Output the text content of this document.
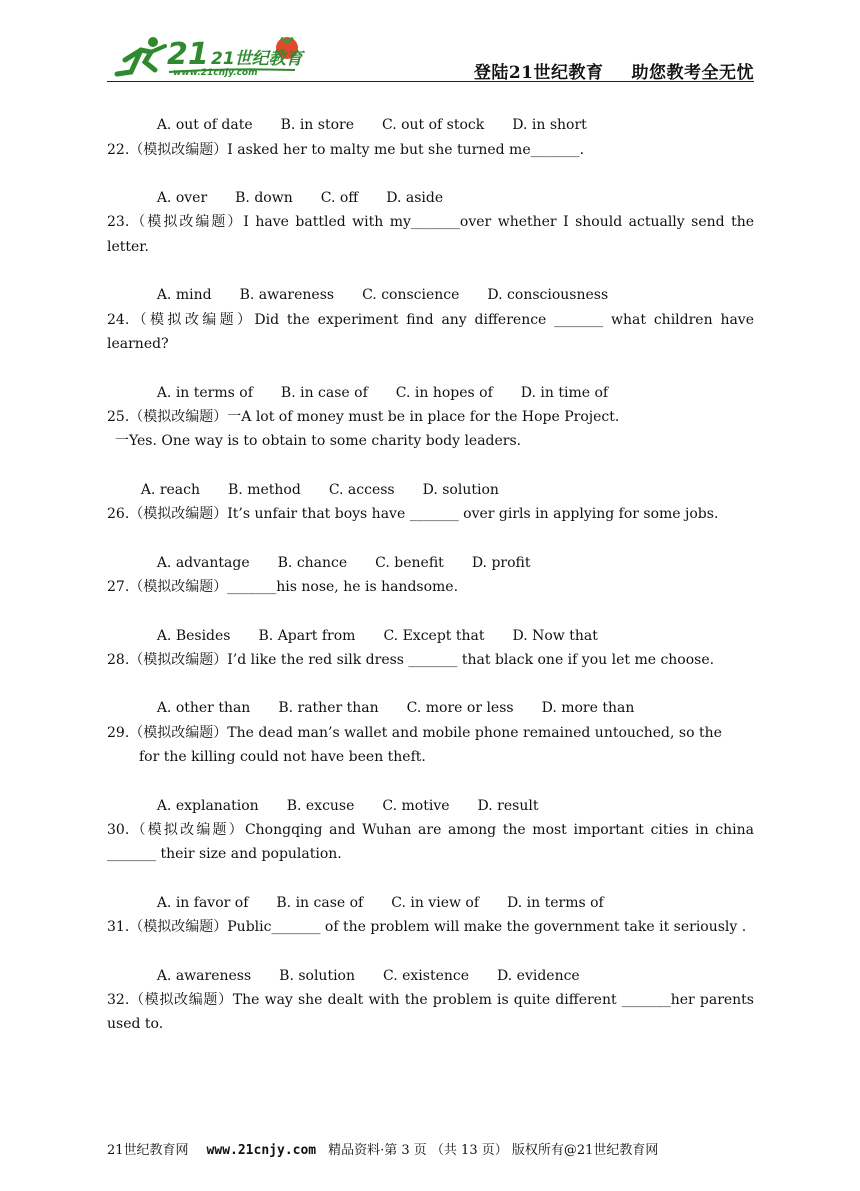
21 21世纪教育
www.21cnjy.com	登陆21世纪教育 助您教考全无忧

A. out of date B. in store C. out of stock D. in short

22.（模拟改编题）I asked her to malty me but she turned me_______.

A. over B. down C. off D. aside

23.（模拟改编题）I have battled with my_______over whether I should actually send the letter.

A. mind B. awareness C. conscience D. consciousness

24.（模拟改编题）Did the experiment find any difference _______ what children have learned?

A. in terms of B. in case of C. in hopes of D. in time of

25.（模拟改编题）一A lot of money must be in place for the Hope Project.
一Yes. One way is to obtain to some charity body leaders.

A. reach B. method C. access D. solution

26.（模拟改编题）It’s unfair that boys have _______ over girls in applying for some jobs.

A. advantage B. chance C. benefit D. profit

27.（模拟改编题）_______his nose, he is handsome.

A. Besides B. Apart from C. Except that D. Now that

28.（模拟改编题）I’d like the red silk dress _______ that black one if you let me choose.

A. other than B. rather than C. more or less D. more than

29.（模拟改编题）The dead man’s wallet and mobile phone remained untouched, so the
for the killing could not have been theft.

A. explanation B. excuse C. motive D. result

30.（模拟改编题）Chongqing and Wuhan are among the most important cities in china _______ their size and population.

A. in favor of B. in case of C. in view of D. in terms of

31.（模拟改编题）Public_______ of the problem will make the government take it seriously .

A. awareness B. solution C. existence D. evidence

32.（模拟改编题）The way she dealt with the problem is quite different _______her parents used to.
21世纪教育网 www.21cnjy.com 精品资料·第 3 页 （共 13 页） 版权所有@21世纪教育网
